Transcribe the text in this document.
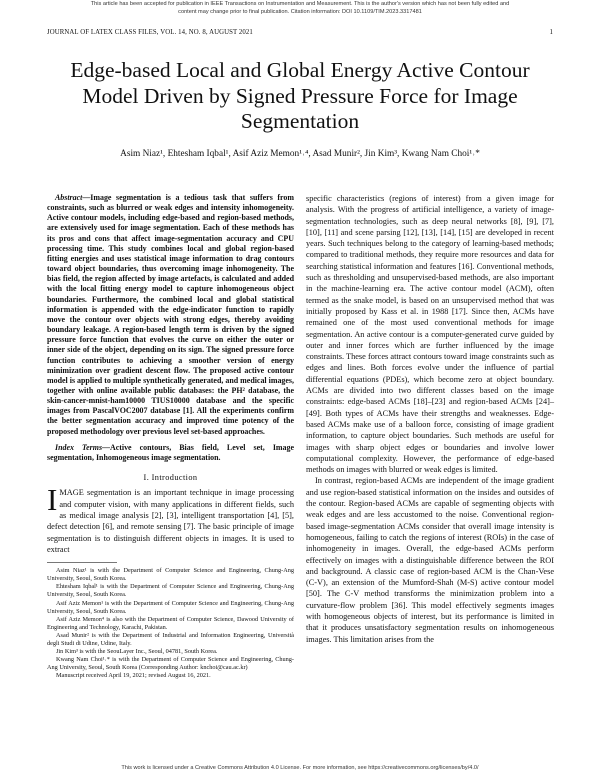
This article has been accepted for publication in IEEE Transactions on Instrumentation and Measurement. This is the author's version which has not been fully edited and
content may change prior to final publication. Citation information: DOI 10.1109/TIM.2023.3317481
JOURNAL OF LATEX CLASS FILES, VOL. 14, NO. 8, AUGUST 2021	1
Edge-based Local and Global Energy Active Contour Model Driven by Signed Pressure Force for Image Segmentation
Asim Niaz¹, Ehtesham Iqbal¹, Asif Aziz Memon¹˒⁴, Asad Munir², Jin Kim³, Kwang Nam Choi¹˒*

Abstract—Image segmentation is a tedious task that suffers from constraints, such as blurred or weak edges and intensity inhomogeneity. Active contour models, including edge-based and region-based methods, are extensively used for image segmentation. Each of these methods has its pros and cons that affect image-segmentation accuracy and CPU processing time. This study combines local and global region-based fitting energies and uses statistical image information to drag contours toward object boundaries, thus overcoming image inhomogeneity. The bias field, the region affected by image artefacts, is calculated and added with the local fitting energy model to capture inhomogeneous object boundaries. Furthermore, the combined local and global statistical information is appended with the edge-indicator function to rapidly move the contour over objects with strong edges, thereby avoiding boundary leakage. A region-based length term is driven by the signed pressure force function that evolves the curve on either the outer or inner side of the object, depending on its sign. The signed pressure force function contributes to achieving a smoother version of energy minimization over gradient descent flow. The proposed active contour model is applied to multiple synthetically generated, and medical images, together with online available public databases: the PH² database, the skin-cancer-mnist-ham10000 TIUS10000 database and the specific images from PascalVOC2007 database [1]. All the experiments confirm the better segmentation accuracy and improved time potency of the proposed methodology over previous level set-based approaches.

Index Terms—Active contours, Bias field, Level set, Image segmentation, Inhomogeneous image segmentation.

I. Introduction

IMAGE segmentation is an important technique in image processing and computer vision, with many applications in different fields, such as medical image analysis [2], [3], intelligent transportation [4], [5], defect detection [6], and remote sensing [7]. The basic principle of image segmentation is to distinguish different objects in images. It is used to extract

Asim Niaz¹ is with the Department of Computer Science and Engineering, Chung-Ang University, Seoul, South Korea.

Ehtesham Iqbal¹ is with the Department of Computer Science and Engineering, Chung-Ang University, Seoul, South Korea.

Asif Aziz Memon¹ is with the Department of Computer Science and Engineering, Chung-Ang University, Seoul, South Korea.

Asif Aziz Memon⁴ is also with the Department of Computer Science, Dawood University of Engineering and Technology, Karachi, Pakistan.

Asad Munir² is with the Department of Industrial and Information Engineering, Università degli Studi di Udine, Udine, Italy.

Jin Kim³ is with the SeouLayer Inc., Seoul, 04781, South Korea.

Kwang Nam Choi¹˒* is with the Department of Computer Science and Engineering, Chung-Ang University, Seoul, South Korea (Corresponding Author: knchoi@cau.ac.kr)

Manuscript received April 19, 2021; revised August 16, 2021.

specific characteristics (regions of interest) from a given image for analysis. With the progress of artificial intelligence, a variety of image-segmentation technologies, such as deep neural networks [8], [9], [7], [10], [11] and scene parsing [12], [13], [14], [15] are developed in recent years. Such techniques belong to the category of learning-based methods; compared to traditional methods, they require more resources and data for searching statistical information and features [16]. Conventional methods, such as thresholding and unsupervised-based methods, are also important in the machine-learning era. The active contour model (ACM), often termed as the snake model, is based on an unsupervised method that was initially proposed by Kass et al. in 1988 [17]. Since then, ACMs have remained one of the most used conventional methods for image segmentation. An active contour is a computer-generated curve guided by outer and inner forces which are further influenced by the image constraints. These forces attract contours toward image constraints such as edges and lines. Both forces evolve under the influence of partial differential equations (PDEs), which become zero at object boundary. ACMs are divided into two different classes based on the image constraints: edge-based ACMs [18]–[23] and region-based ACMs [24]–[49]. Both types of ACMs have their strengths and weaknesses. Edge-based ACMs make use of a balloon force, consisting of image gradient information, to capture object boundaries. Such methods are useful for images with sharp object edges or boundaries and involve lower computational complexity. However, the performance of edge-based methods on images with blurred or weak edges is limited.

In contrast, region-based ACMs are independent of the image gradient and use region-based statistical information on the insides and outsides of the contour. Region-based ACMs are capable of segmenting objects with weak edges and are less accustomed to the noise. Conventional region-based image-segmentation ACMs consider that overall image intensity is homogeneous, failing to catch the regions of interest (ROIs) in the case of inhomogeneity in images. Overall, the edge-based ACMs perform effectively on images with a distinguishable difference between the ROI and background. A classic case of region-based ACM is the Chan-Vese (C-V), an extension of the Mumford-Shah (M-S) active contour model [50]. The C-V method transforms the minimization problem into a curvature-flow problem [36]. This model effectively segments images with homogeneous objects of interest, but its performance is limited in that it produces unsatisfactory segmentation results on inhomogeneous images. This limitation arises from the

This work is licensed under a Creative Commons Attribution 4.0 License. For more information, see https://creativecommons.org/licenses/by/4.0/
